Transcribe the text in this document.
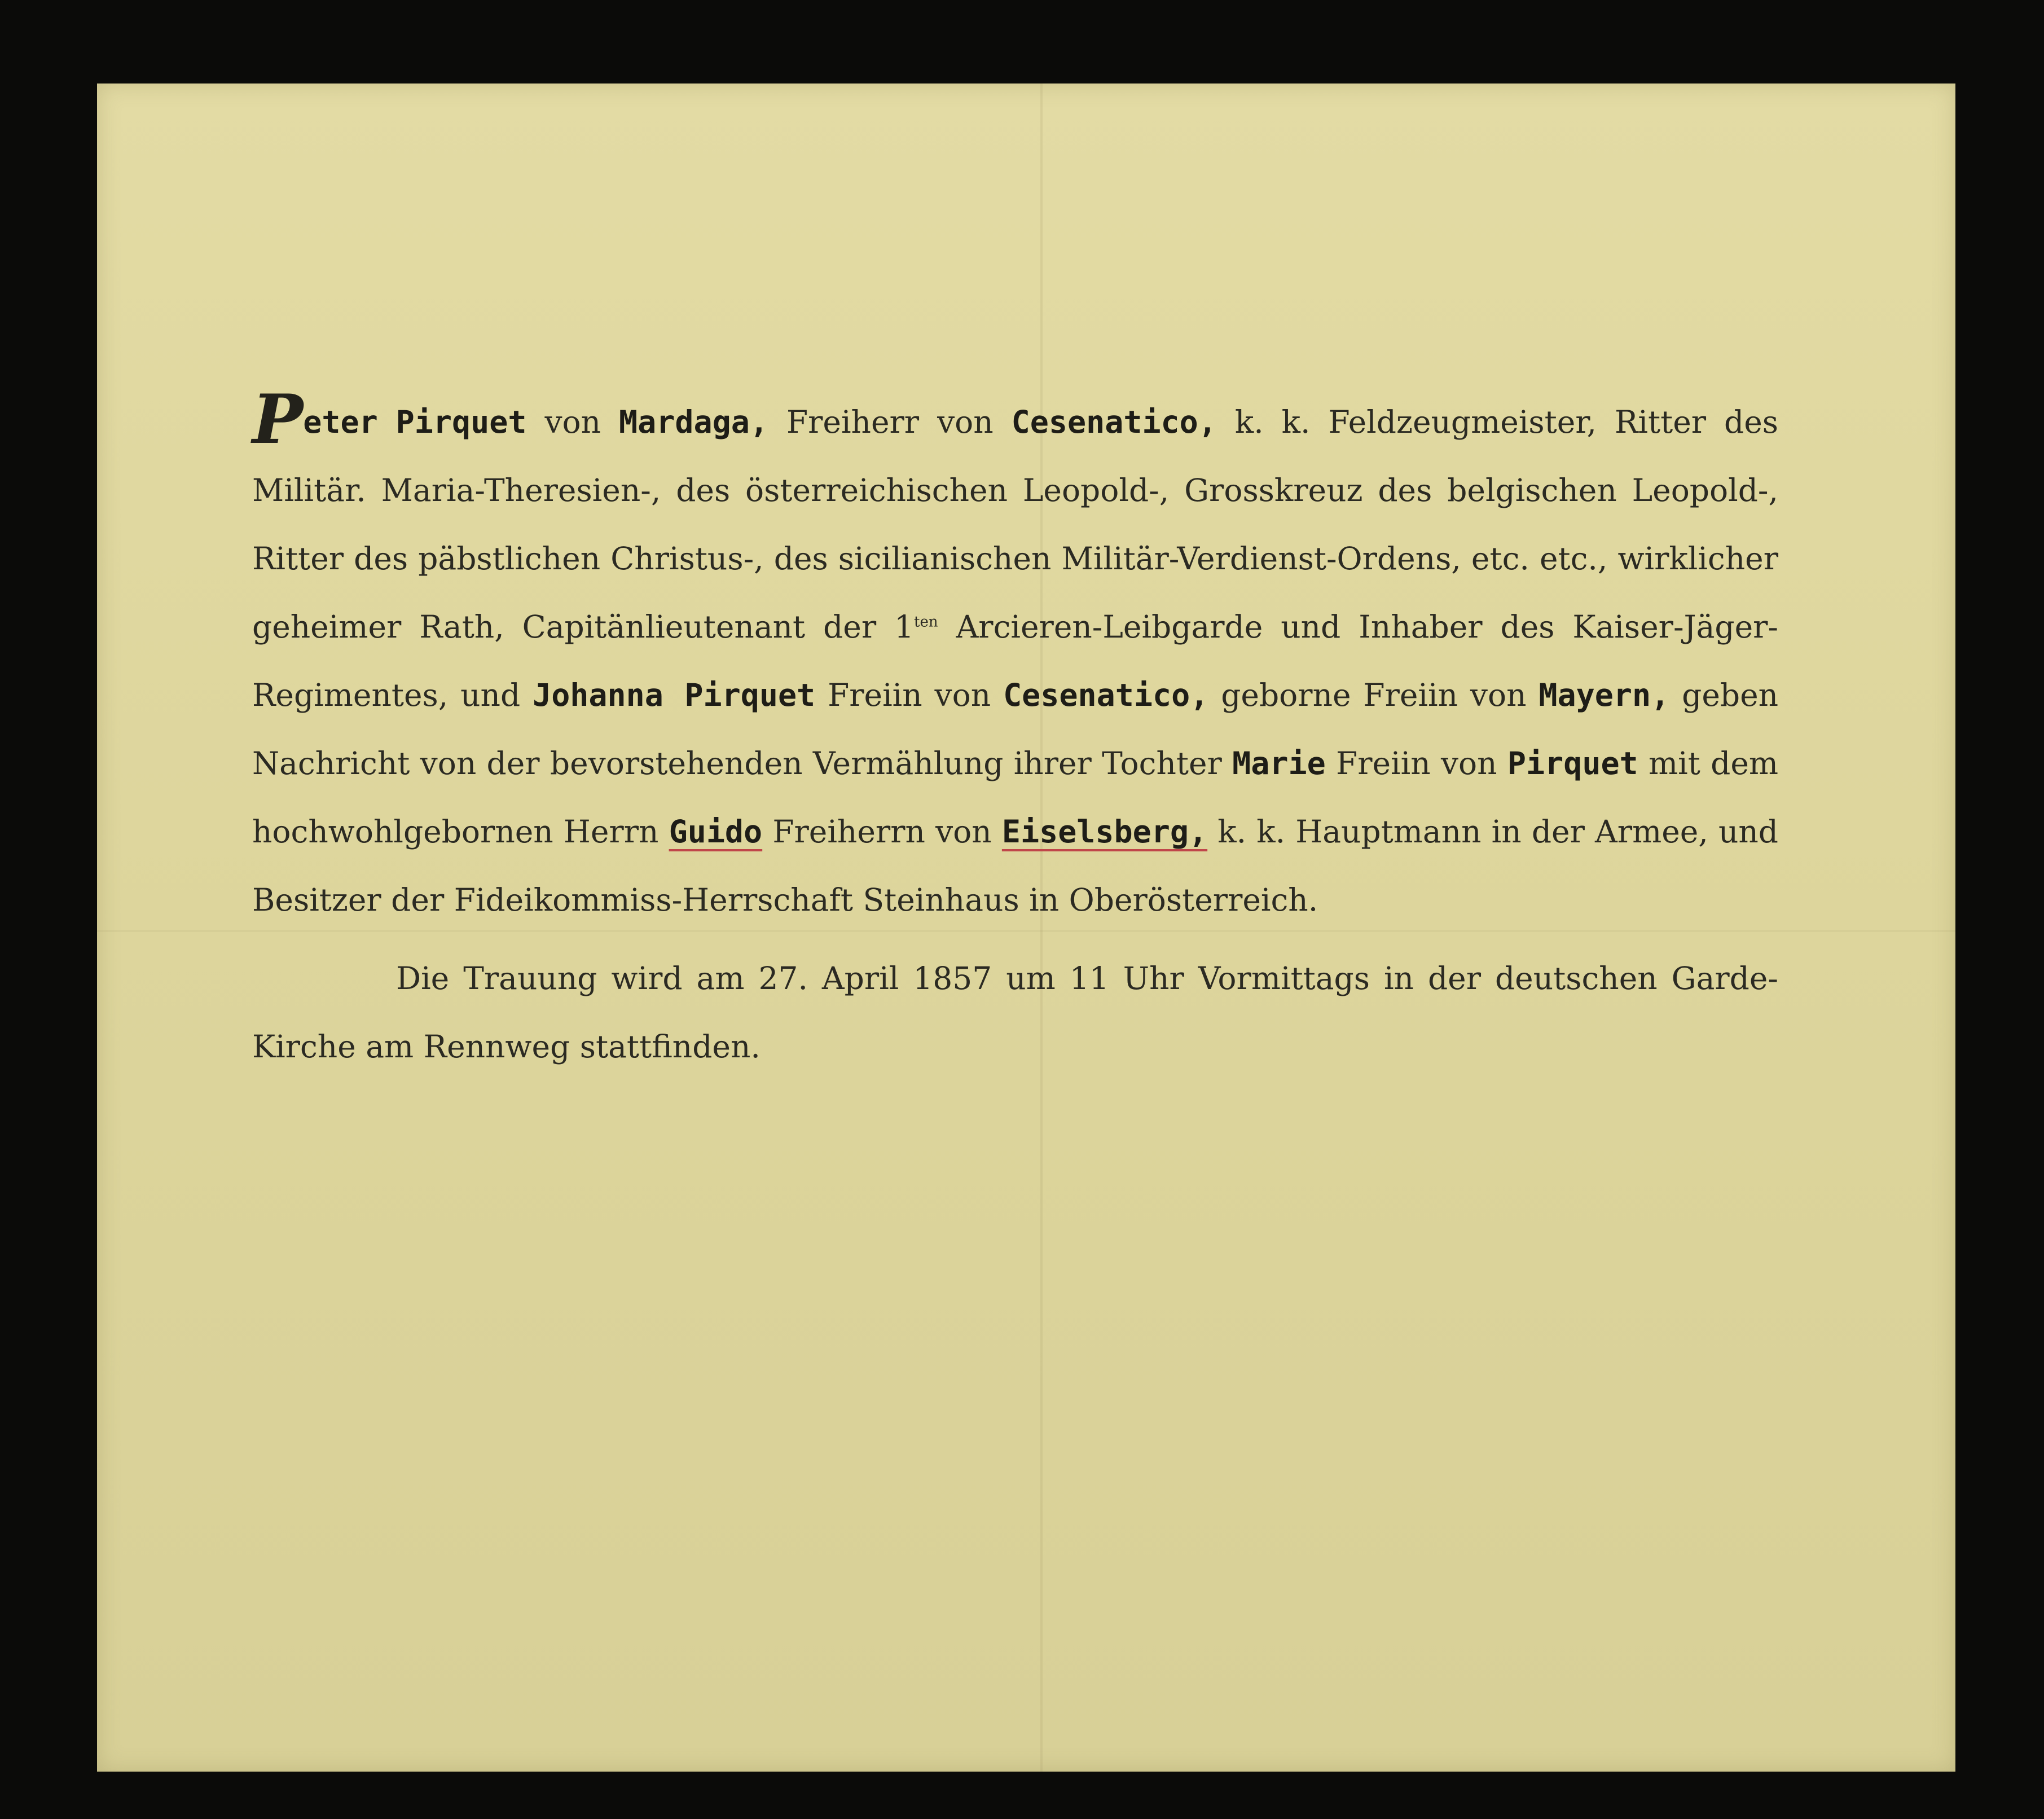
Peter Pirquet von Mardaga, Freiherr von Cesenatico, k. k. Feldzeugmeister, Ritter des Militär. Maria-Theresien-, des österreichischen Leopold-, Grosskreuz des belgischen Leopold-, Ritter des päbstlichen Christus-, des sicilianischen Militär-Verdienst-Ordens, etc. etc., wirklicher geheimer Rath, Capitänlieutenant der $1^{ten}$ Arcieren-Leibgarde und Inhaber des Kaiser-Jäger-Regimentes, und Johanna Pirquet Freiin von Cesenatico, geborne Freiin von Mayern, geben Nachricht von der bevorstehenden Vermählung ihrer Tochter Marie Freiin von Pirquet mit dem hochwohlgebornen Herrn Guido Freiherrn von Eiselsberg, k. k. Hauptmann in der Armee, und Besitzer der Fideikommiss-Herrschaft Steinhaus in Oberösterreich.

Die Trauung wird am 27. April 1857 um 11 Uhr Vormittags in der deutschen Garde-Kirche am Rennweg stattfinden.
